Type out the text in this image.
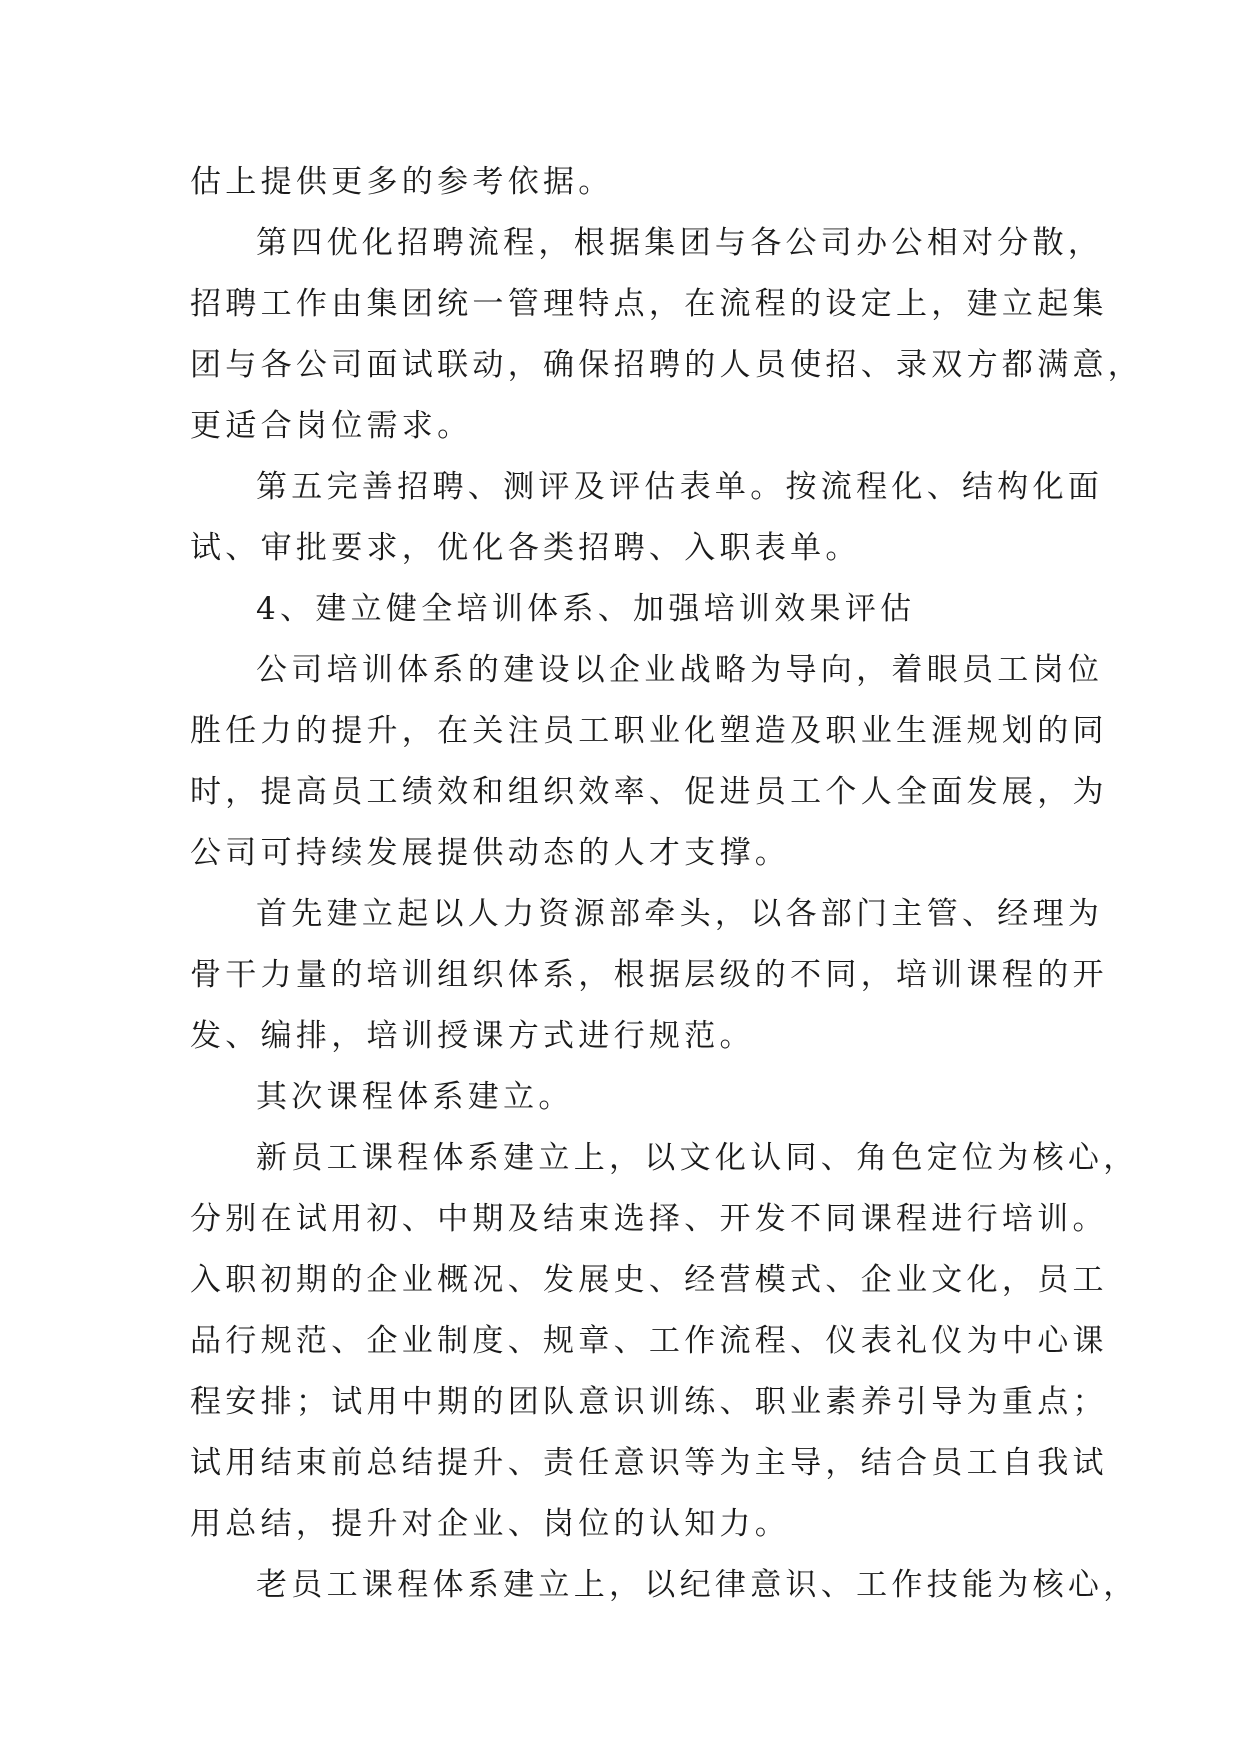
估上提供更多的参考依据。
第四优化招聘流程，根据集团与各公司办公相对分散，
招聘工作由集团统一管理特点，在流程的设定上，建立起集
团与各公司面试联动，确保招聘的人员使招、录双方都满意，
更适合岗位需求。
第五完善招聘、测评及评估表单。按流程化、结构化面
试、审批要求，优化各类招聘、入职表单。
4、建立健全培训体系、加强培训效果评估
公司培训体系的建设以企业战略为导向，着眼员工岗位
胜任力的提升，在关注员工职业化塑造及职业生涯规划的同
时，提高员工绩效和组织效率、促进员工个人全面发展，为
公司可持续发展提供动态的人才支撑。
首先建立起以人力资源部牵头，以各部门主管、经理为
骨干力量的培训组织体系，根据层级的不同，培训课程的开
发、编排，培训授课方式进行规范。
其次课程体系建立。
新员工课程体系建立上，以文化认同、角色定位为核心，
分别在试用初、中期及结束选择、开发不同课程进行培训。
入职初期的企业概况、发展史、经营模式、企业文化，员工
品行规范、企业制度、规章、工作流程、仪表礼仪为中心课
程安排；试用中期的团队意识训练、职业素养引导为重点；
试用结束前总结提升、责任意识等为主导，结合员工自我试
用总结，提升对企业、岗位的认知力。
老员工课程体系建立上，以纪律意识、工作技能为核心，
